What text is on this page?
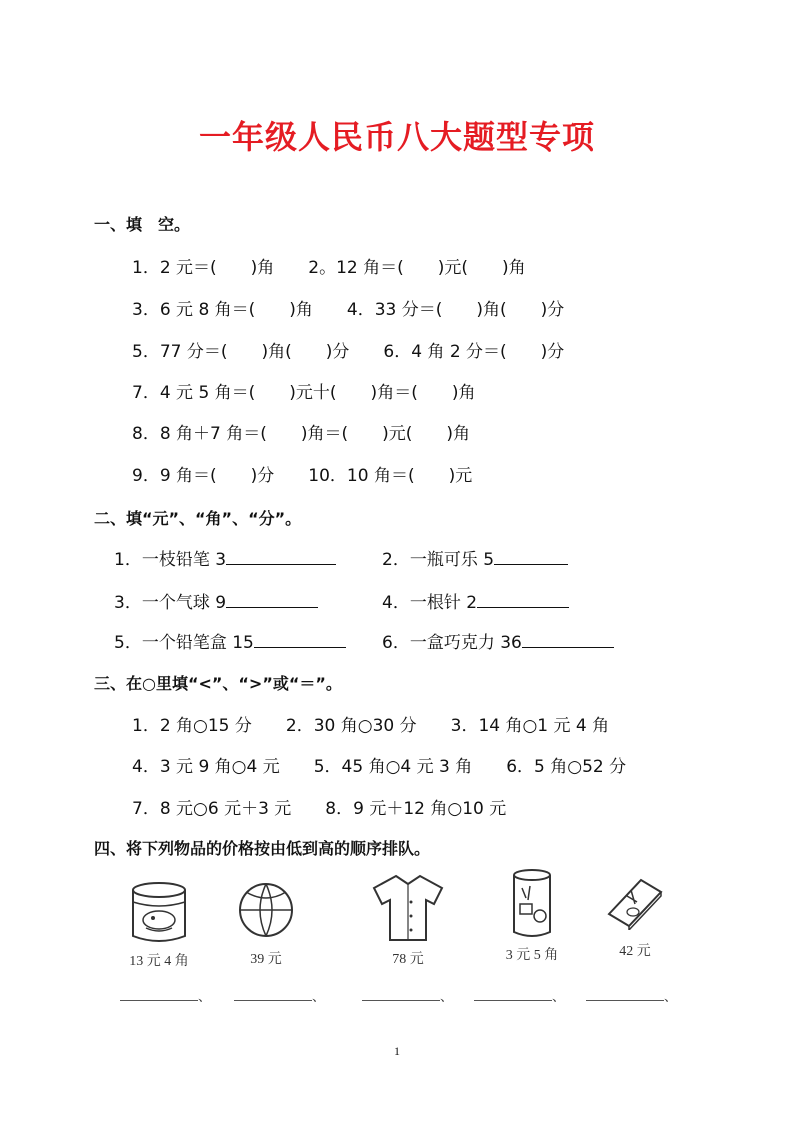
一年级人民币八大题型专项
一、填　空。
1．2 元＝(　　)角　　2。12 角＝(　　)元(　　)角
3．6 元 8 角＝(　　)角　　4．33 分＝(　　)角(　　)分
5．77 分＝(　　)角(　　)分　　6．4 角 2 分＝(　　)分
7．4 元 5 角＝(　　)元十(　　)角＝(　　)角
8．8 角＋7 角＝(　　)角＝(　　)元(　　)角
9．9 角＝(　　)分　　10．10 角＝(　　)元
二、填“元”、“角”、“分”。
1．一枝铅笔 3	2．一瓶可乐 5
3．一个气球 9	4．一根针 2
5．一个铅笔盒 15	6．一盒巧克力 36
三、在○里填“<”、“>”或“＝”。
1．2 角○15 分　　2．30 角○30 分　　3．14 角○1 元 4 角
4．3 元 9 角○4 元　　5．45 角○4 元 3 角　　6．5 角○52 分
7．8 元○6 元＋3 元　　8．9 元＋12 角○10 元
四、将下列物品的价格按由低到高的顺序排队。
13 元 4 角	39 元	78 元	3 元 5 角	42 元
、	、	、	、	、
1
